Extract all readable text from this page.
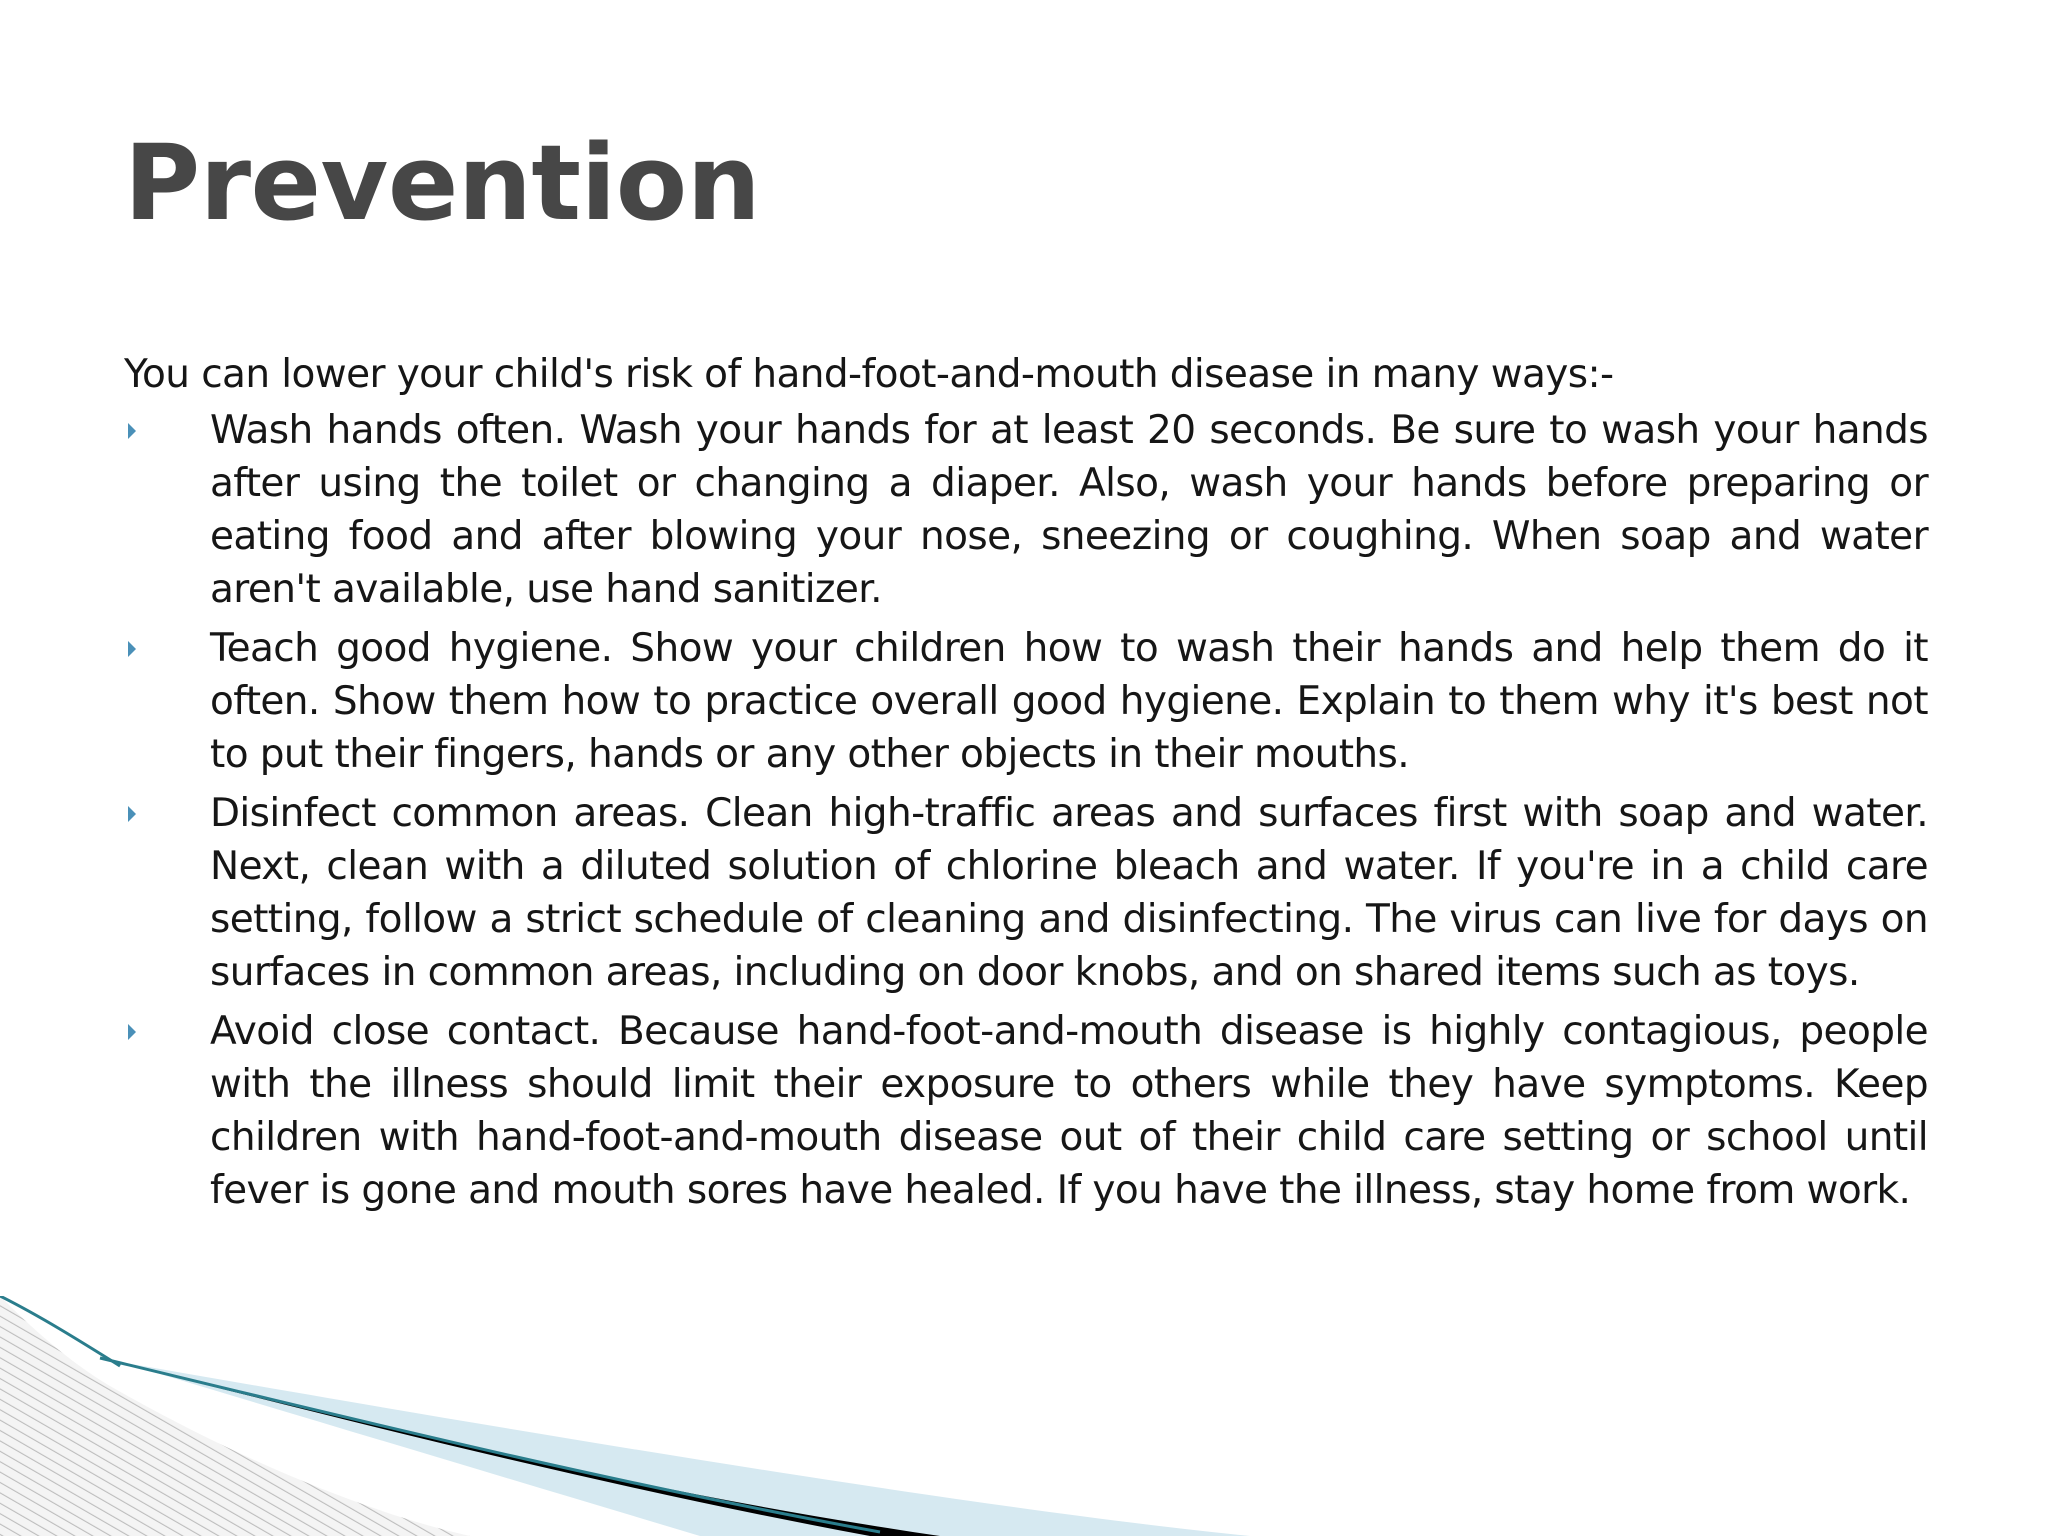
Prevention

You can lower your child's risk of hand-foot-and-mouth disease in many ways:-

Wash hands often. Wash your hands for at least 20 seconds. Be sure to wash your hands after using the toilet or changing a diaper. Also, wash your hands before preparing or eating food and after blowing your nose, sneezing or coughing. When soap and water aren't available, use hand sanitizer.
Teach good hygiene. Show your children how to wash their hands and help them do it often. Show them how to practice overall good hygiene. Explain to them why it's best not to put their fingers, hands or any other objects in their mouths.
Disinfect common areas. Clean high-traffic areas and surfaces first with soap and water. Next, clean with a diluted solution of chlorine bleach and water. If you're in a child care setting, follow a strict schedule of cleaning and disinfecting. The virus can live for days on surfaces in common areas, including on door knobs, and on shared items such as toys.
Avoid close contact. Because hand-foot-and-mouth disease is highly contagious, people with the illness should limit their exposure to others while they have symptoms. Keep children with hand-foot-and-mouth disease out of their child care setting or school until fever is gone and mouth sores have healed. If you have the illness, stay home from work.
